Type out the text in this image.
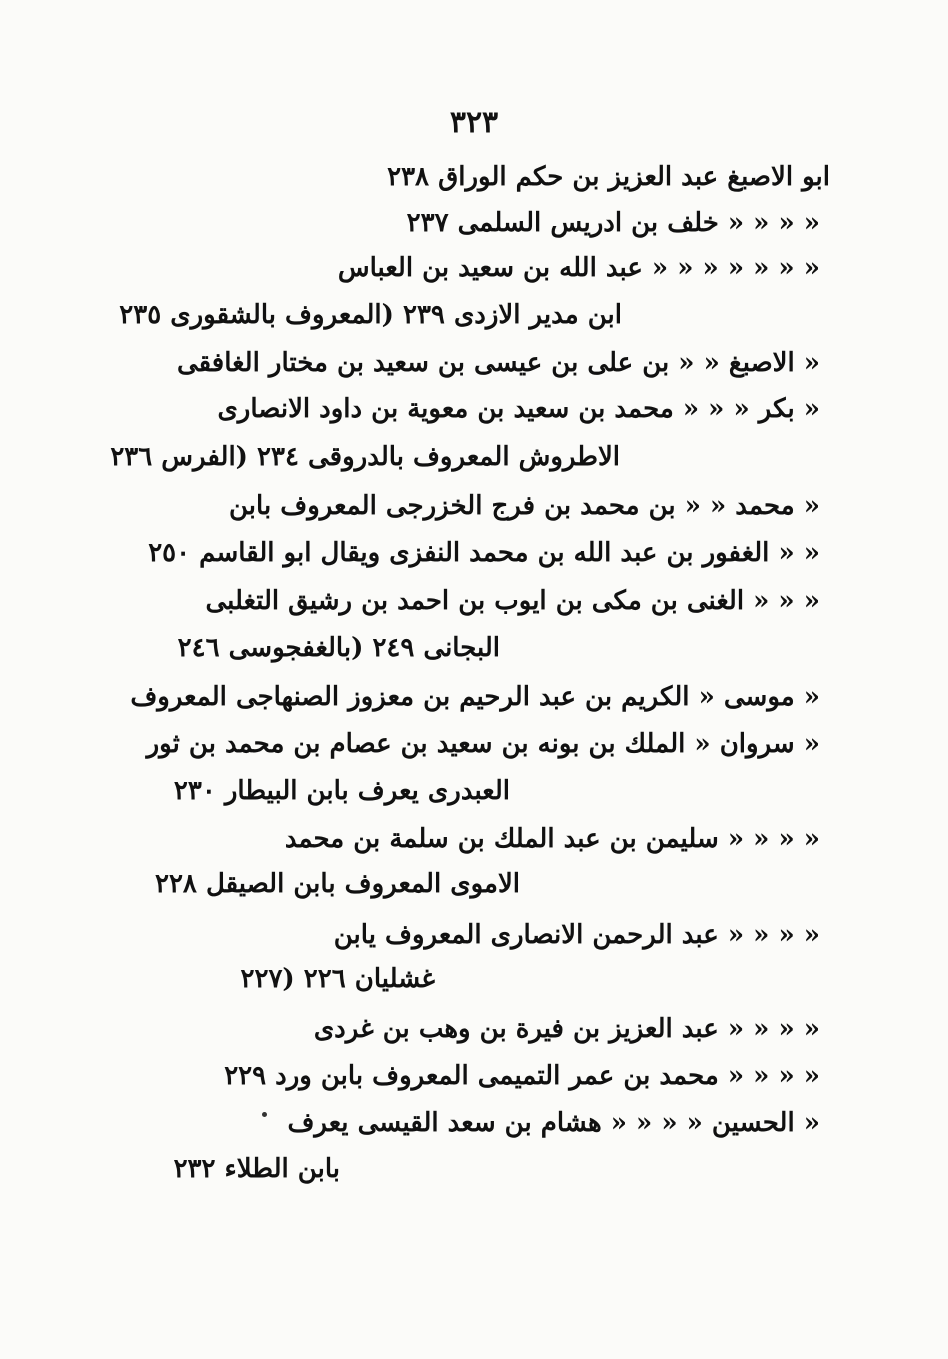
٣٢٣
ابو الاصبغ عبد العزيز بن حكم الوراق ٢٣٨
« « « « خلف بن ادريس السلمى ٢٣٧
« « « « « « « عبد الله بن سعيد بن العباس
ابن مدير الازدى ٢٣٩ (المعروف بالشقورى ٢٣٥
« الاصبغ « « بن على بن عيسى بن سعيد بن مختار الغافقى
« بكر « « « محمد بن سعيد بن معوية بن داود الانصارى
الاطروش المعروف بالدروقى ٢٣٤ (الفرس ٢٣٦
« محمد « « بن محمد بن فرج الخزرجى المعروف بابن
« « الغفور بن عبد الله بن محمد النفزى ويقال ابو القاسم ٢٥٠
« « « الغنى بن مكى بن ايوب بن احمد بن رشيق التغلبى
البجانى ٢٤٩ (بالغفجوسى ٢٤٦
« موسى « الكريم بن عبد الرحيم بن معزوز الصنهاجى المعروف
« سروان « الملك بن بونه بن سعيد بن عصام بن محمد بن ثور
العبدرى يعرف بابن البيطار ٢٣٠
« « « « سليمن بن عبد الملك بن سلمة بن محمد
الاموى المعروف بابن الصيقل ٢٢٨
« « « « عبد الرحمن الانصارى المعروف يابن
غشليان ٢٢٦ (٢٢٧
« « « « عبد العزيز بن فيرة بن وهب بن غردى
« « « « محمد بن عمر التميمى المعروف بابن ورد ٢٢٩
« الحسين « « « « هشام بن سعد القيسى يعرف
بابن الطلاء ٢٣٢
